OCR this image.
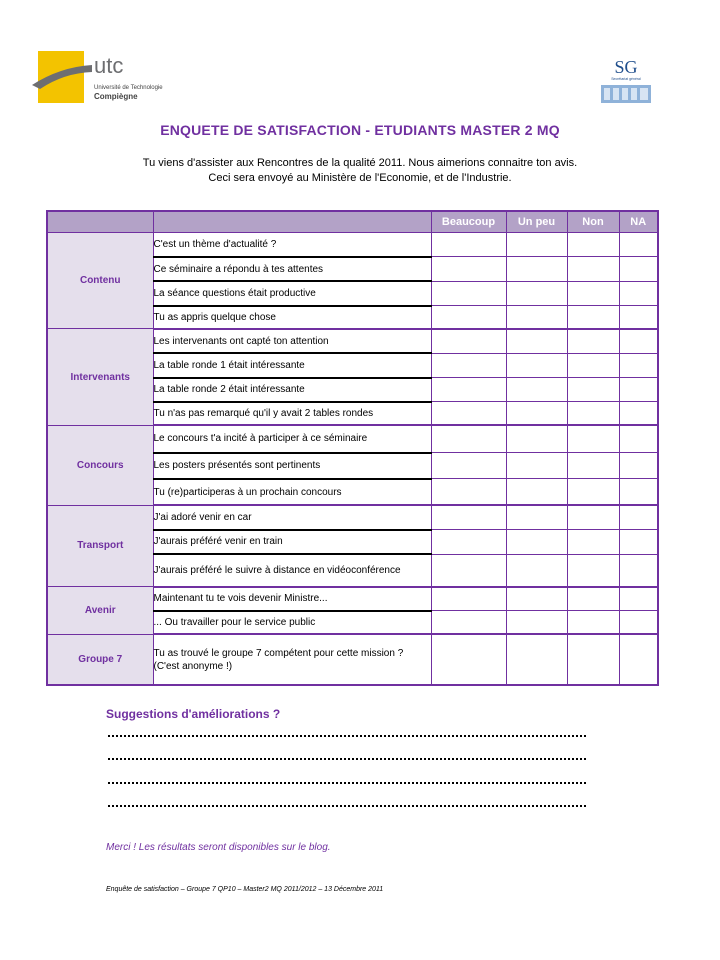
utc
Université de Technologie
Compiègne
SG
Secrétariat général
ENQUETE DE SATISFACTION - ETUDIANTS MASTER 2 MQ
Tu viens d'assister aux Rencontres de la qualité 2011. Nous aimerions connaitre ton avis.
Ceci sera envoyé au Ministère de l'Economie, et de l'Industrie.
		Beaucoup	Un peu	Non	NA
Contenu	C'est un thème d'actualité ?				
	Ce séminaire a répondu à tes attentes				
	La séance questions était productive				
	Tu as appris quelque chose				
Intervenants	Les intervenants ont capté ton attention				
	La table ronde 1 était intéressante				
	La table ronde 2 était intéressante				
	Tu n'as pas remarqué qu'il y avait 2 tables rondes				
Concours	Le concours t'a incité à participer à ce séminaire				
	Les posters présentés sont pertinents				
	Tu (re)participeras à un prochain concours				
Transport	J'ai adoré venir en car				
	J'aurais préféré venir en train				
	J'aurais préféré le suivre à distance en vidéoconférence				
Avenir	Maintenant tu te vois devenir Ministre...				
	... Ou travailler pour le service public				
Groupe 7	Tu as trouvé le groupe 7 compétent pour cette mission ?
(C'est anonyme !)				
Suggestions d'améliorations ?
Merci ! Les résultats seront disponibles sur le blog.
Enquête de satisfaction – Groupe 7 QP10 – Master2 MQ 2011/2012 – 13 Décembre 2011
